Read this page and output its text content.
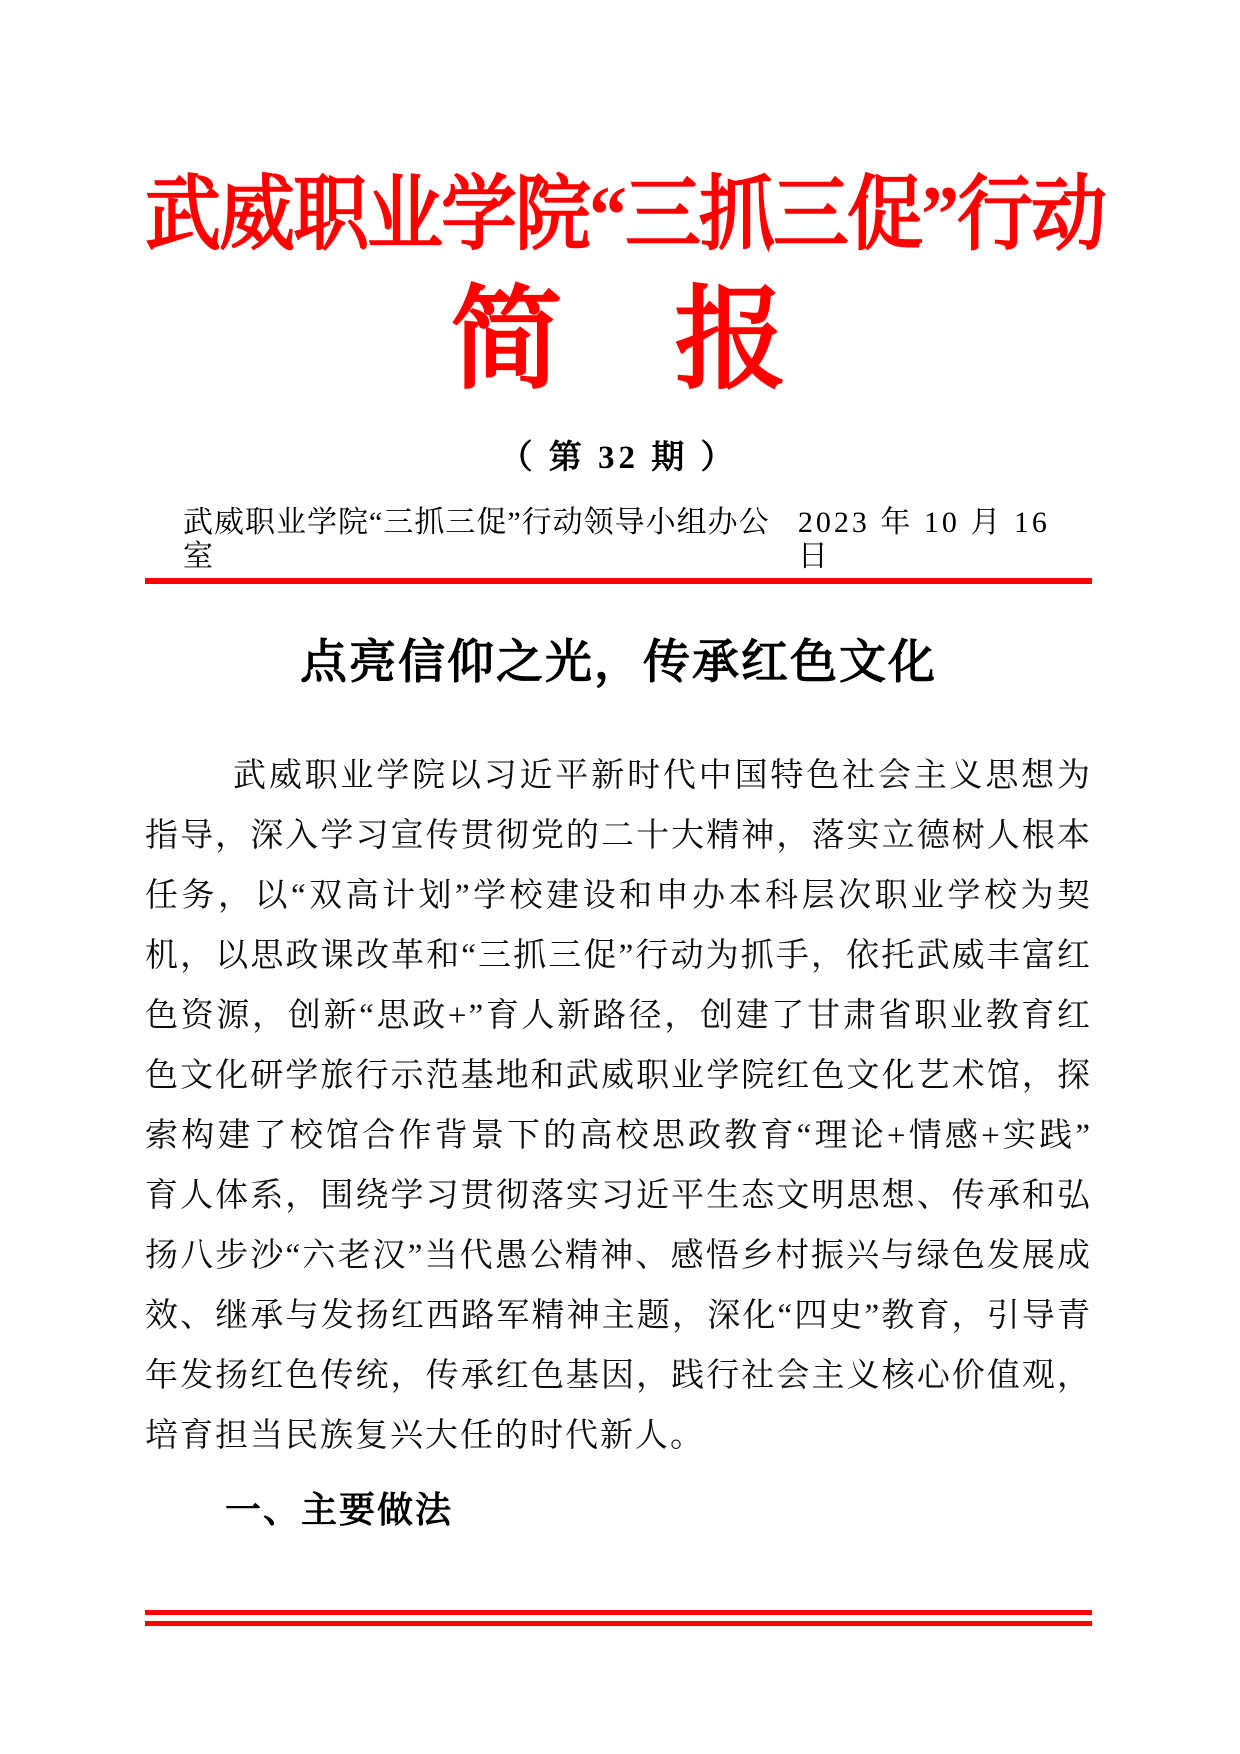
武威职业学院“三抓三促”行动
简　报
（ 第 32 期 ）
武威职业学院“三抓三促”行动领导小组办公室
2023 年 10 月 16 日
点亮信仰之光，传承红色文化

武威职业学院以习近平新时代中国特色社会主义思想为指导，深入学习宣传贯彻党的二十大精神，落实立德树人根本任务，以“双高计划”学校建设和申办本科层次职业学校为契机，以思政课改革和“三抓三促”行动为抓手，依托武威丰富红色资源，创新“思政+”育人新路径，创建了甘肃省职业教育红色文化研学旅行示范基地和武威职业学院红色文化艺术馆，探索构建了校馆合作背景下的高校思政教育“理论+情感+实践”育人体系，围绕学习贯彻落实习近平生态文明思想、传承和弘扬八步沙“六老汉”当代愚公精神、感悟乡村振兴与绿色发展成效、继承与发扬红西路军精神主题，深化“四史”教育，引导青年发扬红色传统，传承红色基因，践行社会主义核心价值观，培育担当民族复兴大任的时代新人。

一、主要做法
